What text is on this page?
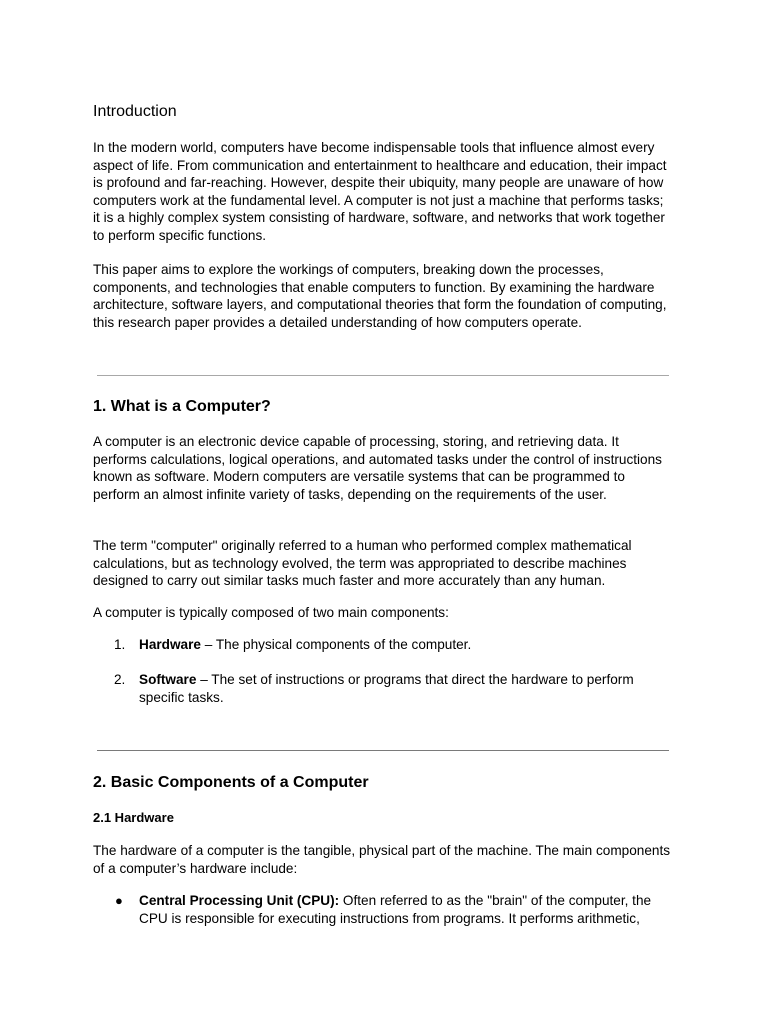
Introduction

In the modern world, computers have become indispensable tools that influence almost every aspect of life. From communication and entertainment to healthcare and education, their impact is profound and far-reaching. However, despite their ubiquity, many people are unaware of how computers work at the fundamental level. A computer is not just a machine that performs tasks; it is a highly complex system consisting of hardware, software, and networks that work together to perform specific functions.

This paper aims to explore the workings of computers, breaking down the processes, components, and technologies that enable computers to function. By examining the hardware architecture, software layers, and computational theories that form the foundation of computing, this research paper provides a detailed understanding of how computers operate.

1. What is a Computer?

A computer is an electronic device capable of processing, storing, and retrieving data. It performs calculations, logical operations, and automated tasks under the control of instructions known as software. Modern computers are versatile systems that can be programmed to perform an almost infinite variety of tasks, depending on the requirements of the user.

The term "computer" originally referred to a human who performed complex mathematical calculations, but as technology evolved, the term was appropriated to describe machines designed to carry out similar tasks much faster and more accurately than any human.

A computer is typically composed of two main components:

1. Hardware – The physical components of the computer.
2. Software – The set of instructions or programs that direct the hardware to perform specific tasks.
2. Basic Components of a Computer
2.1 Hardware

The hardware of a computer is the tangible, physical part of the machine. The main components of a computer’s hardware include:

● Central Processing Unit (CPU): Often referred to as the "brain" of the computer, the CPU is responsible for executing instructions from programs. It performs arithmetic,
